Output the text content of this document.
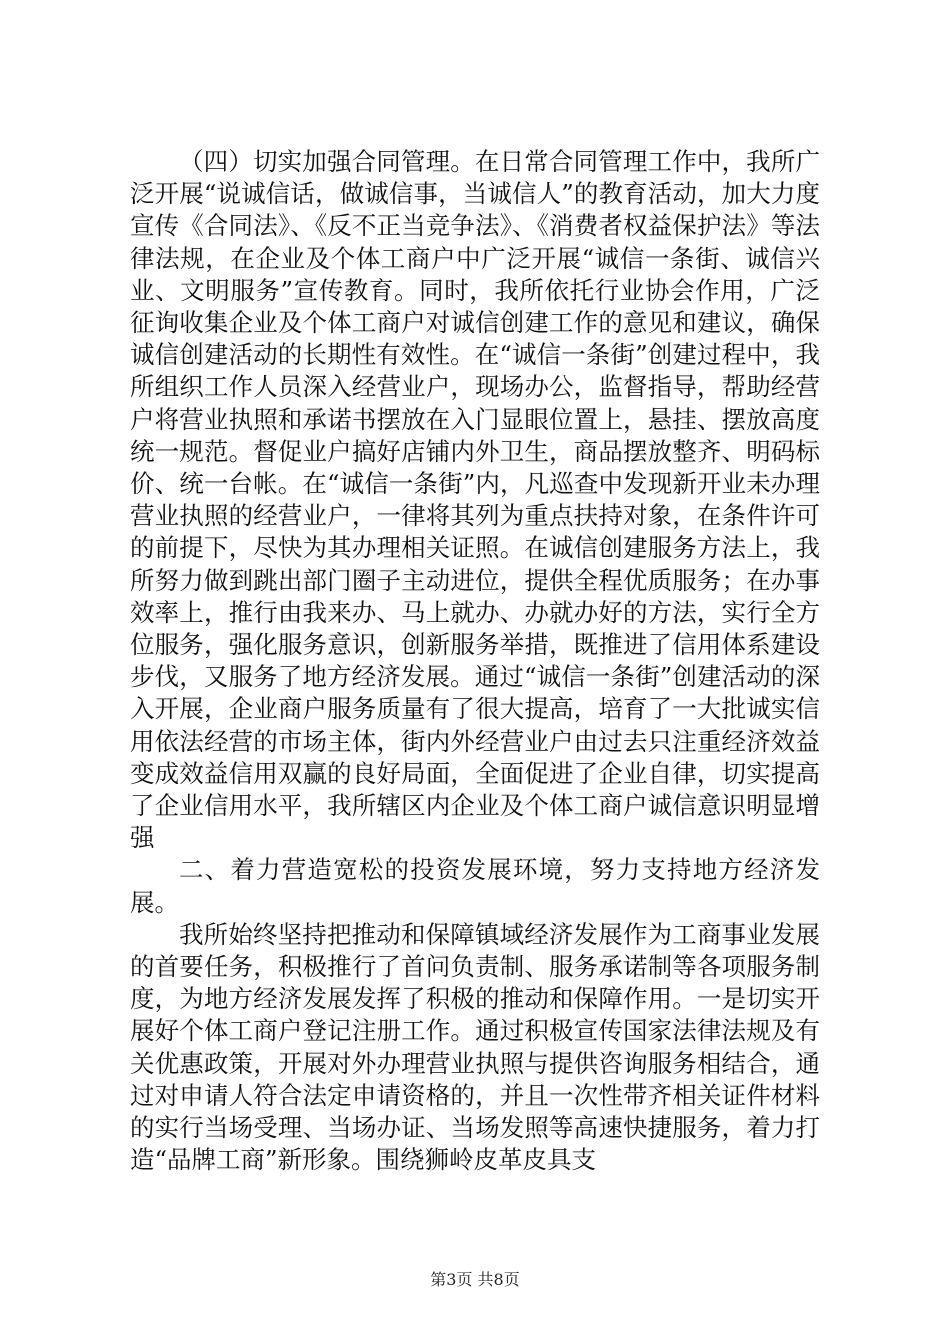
（四）切实加强合同管理。在日常合同管理工作中，我所广泛开展“说诚信话，做诚信事，当诚信人”的教育活动，加大力度宣传《合同法》、《反不正当竞争法》、《消费者权益保护法》等法律法规，在企业及个体工商户中广泛开展“诚信一条街、诚信兴业、文明服务”宣传教育。同时，我所依托行业协会作用，广泛征询收集企业及个体工商户对诚信创建工作的意见和建议，确保诚信创建活动的长期性有效性。在“诚信一条街”创建过程中，我所组织工作人员深入经营业户，现场办公，监督指导，帮助经营户将营业执照和承诺书摆放在入门显眼位置上，悬挂、摆放高度统一规范。督促业户搞好店铺内外卫生，商品摆放整齐、明码标价、统一台帐。在“诚信一条街”内，凡巡查中发现新开业未办理营业执照的经营业户，一律将其列为重点扶持对象，在条件许可的前提下，尽快为其办理相关证照。在诚信创建服务方法上，我所努力做到跳出部门圈子主动进位，提供全程优质服务；在办事效率上，推行由我来办、马上就办、办就办好的方法，实行全方位服务，强化服务意识，创新服务举措，既推进了信用体系建设步伐，又服务了地方经济发展。通过“诚信一条街”创建活动的深入开展，企业商户服务质量有了很大提高，培育了一大批诚实信用依法经营的市场主体，街内外经营业户由过去只注重经济效益变成效益信用双赢的良好局面，全面促进了企业自律，切实提高了企业信用水平，我所辖区内企业及个体工商户诚信意识明显增强

二、着力营造宽松的投资发展环境，努力支持地方经济发展。

我所始终坚持把推动和保障镇域经济发展作为工商事业发展的首要任务，积极推行了首问负责制、服务承诺制等各项服务制度，为地方经济发展发挥了积极的推动和保障作用。一是切实开展好个体工商户登记注册工作。通过积极宣传国家法律法规及有关优惠政策，开展对外办理营业执照与提供咨询服务相结合，通过对申请人符合法定申请资格的，并且一次性带齐相关证件材料的实行当场受理、当场办证、当场发照等高速快捷服务，着力打造“品牌工商”新形象。围绕狮岭皮革皮具支

第3页 共8页
